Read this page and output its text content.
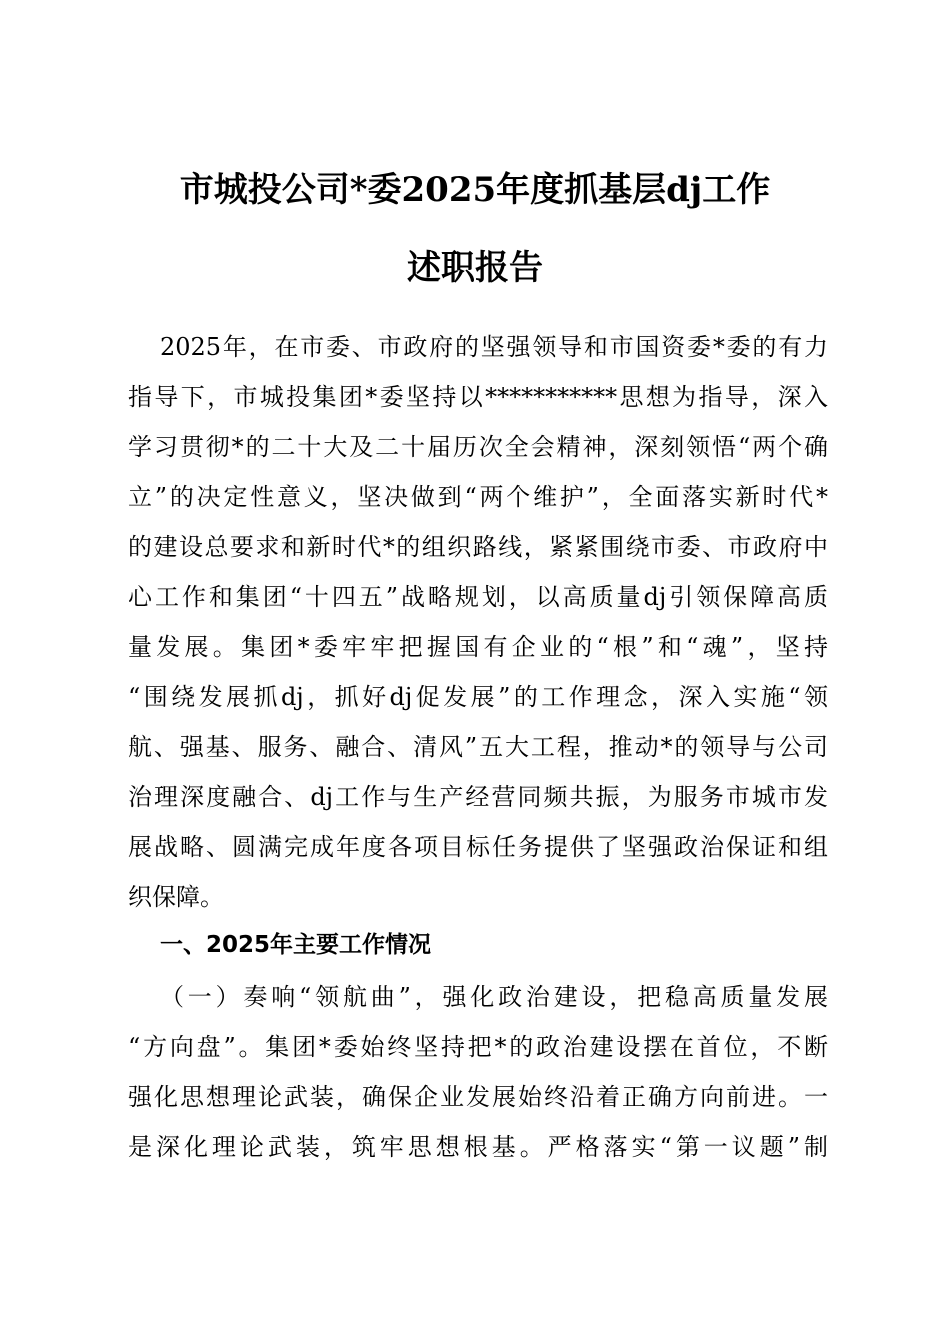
市城投公司*委2025年度抓基层dj工作
述职报告
2025年，在市委、市政府的坚强领导和市国资委*委的有力
指导下，市城投集团*委坚持以***********思想为指导，深入
学习贯彻*的二十大及二十届历次全会精神，深刻领悟“两个确
立”的决定性意义，坚决做到“两个维护”，全面落实新时代*
的建设总要求和新时代*的组织路线，紧紧围绕市委、市政府中
心工作和集团“十四五”战略规划，以高质量dj引领保障高质
量发展。集团*委牢牢把握国有企业的“根”和“魂”，坚持
“围绕发展抓dj，抓好dj促发展”的工作理念，深入实施“领
航、强基、服务、融合、清风”五大工程，推动*的领导与公司
治理深度融合、dj工作与生产经营同频共振，为服务市城市发
展战略、圆满完成年度各项目标任务提供了坚强政治保证和组
织保障。
一、2025年主要工作情况
（一）奏响“领航曲”，强化政治建设，把稳高质量发展
“方向盘”。集团*委始终坚持把*的政治建设摆在首位，不断
强化思想理论武装，确保企业发展始终沿着正确方向前进。一
是深化理论武装，筑牢思想根基。严格落实“第一议题”制
